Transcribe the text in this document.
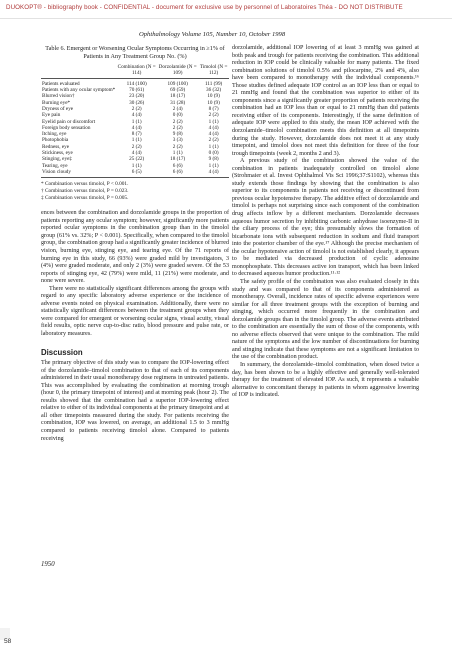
DUOKOPT® - bibliography book - CONFIDENTIAL - document for exclusive use by personnel of Laboratoires Théa - DO NOT DISTRIBUTE
Ophthalmology Volume 105, Number 10, October 1998
Table 6. Emergent or Worsening Ocular Symptoms Occurring in ≥1% of Patients in Any Treatment Group No. (%)
	Combination (N = 114)	Dorzolamide (N = 109)	Timolol (N = 112)
Patients evaluated	114 (100)	109 (100)	111 (99)
Patients with any ocular symptom*	70 (61)	69 (59)	36 (32)
Blurred vision†	23 (20)	18 (17)	10 (9)
Burning eye*	30 (26)	31 (28)	10 (9)
Dryness of eye	2 (2)	2 (4)	8 (7)
Eye pain	4 (4)	0 (0)	2 (2)
Eyelid pain or discomfort	1 (1)	2 (2)	1 (1)
Foreign body sensation	4 (4)	2 (2)	4 (4)
Itching, eye	8 (7)	9 (8)	4 (4)
Photophobia	1 (1)	3 (3)	2 (2)
Redness, eye	2 (2)	2 (2)	1 (1)
Stickiness, eye	4 (4)	1 (1)	0 (0)
Stinging, eye‡	25 (22)	18 (17)	9 (8)
Tearing, eye	1 (1)	6 (6)	1 (1)
Vision cloudy	6 (5)	6 (6)	4 (4)
* Combination versus timolol, P < 0.001.
† Combination versus timolol, P = 0.023.
‡ Combination versus timolol, P = 0.005.

ences between the combination and dorzolamide groups in the proportion of patients reporting any ocular symptom; however, significantly more patients reported ocular symptoms in the combination group than in the timolol group (61% vs. 32%; P < 0.001). Specifically, when compared to the timolol group, the combination group had a significantly greater incidence of blurred vision, burning eye, stinging eye, and tearing eye. Of the 71 reports of burning eye in this study, 66 (93%) were graded mild by investigators, 3 (4%) were graded moderate, and only 2 (3%) were graded severe. Of the 53 reports of stinging eye, 42 (79%) were mild, 11 (21%) were moderate, and none were severe.

There were no statistically significant differences among the groups with regard to any specific laboratory adverse experience or the incidence of adverse events noted on physical examination. Additionally, there were no statistically significant differences between the treatment groups when they were compared for emergent or worsening ocular signs, visual acuity, visual field results, optic nerve cup-to-disc ratio, blood pressure and pulse rate, or laboratory measures.

Discussion

The primary objective of this study was to compare the IOP-lowering effect of the dorzolamide–timolol combination to that of each of its components administered in their usual monotherapy dose regimens in untreated patients. This was accomplished by evaluating the combination at morning trough (hour 0, the primary timepoint of interest) and at morning peak (hour 2). The results showed that the combination had a superior IOP-lowering effect relative to either of its individual components at the primary timepoint and at all other timepoints measured during the study. For patients receiving the combination, IOP was lowered, on average, an additional 1.5 to 3 mmHg compared to patients receiving timolol alone. Compared to patients receiving

dorzolamide, additional IOP lowering of at least 3 mmHg was gained at both peak and trough for patients receiving the combination. This additional reduction in IOP could be clinically valuable for many patients. The fixed combination solutions of timolol 0.5% and pilocarpine, 2% and 4%, also have been compared to monotherapy with the individual components.¹⁶ Those studies defined adequate IOP control as an IOP less than or equal to 21 mmHg and found that the combination was superior to either of its components since a significantly greater proportion of patients receiving the combination had an IOP less than or equal to 21 mmHg than did patients receiving either of its components. Interestingly, if the same definition of adequate IOP were applied to this study, the mean IOP achieved with the dorzolamide–timolol combination meets this definition at all timepoints during the study. However, dorzolamide does not meet it at any study timepoint, and timolol does not meet this definition for three of the four trough timepoints (week 2, months 2 and 3).

A previous study of the combination showed the value of the combination in patients inadequately controlled on timolol alone (Strohmaier et al. Invest Ophthalmol Vis Sci 1996;37:S1102), whereas this study extends those findings by showing that the combination is also superior to its components in patients not receiving or discontinued from previous ocular hypotensive therapy. The additive effect of dorzolamide and timolol is perhaps not surprising since each component of the combination drug affects inflow by a different mechanism. Dorzolamide decreases aqueous humor secretion by inhibiting carbonic anhydrase isoenzyme-II in the ciliary process of the eye; this presumably slows the formation of bicarbonate ions with subsequent reduction in sodium and fluid transport into the posterior chamber of the eye.¹⁷ Although the precise mechanism of the ocular hypotensive action of timolol is not established clearly, it appears to be mediated via decreased production of cyclic adenosine monophosphate. This decreases active ion transport, which has been linked to decreased aqueous humor production.¹¹·¹²

The safety profile of the combination was also evaluated closely in this study and was compared to that of its components administered as monotherapy. Overall, incidence rates of specific adverse experiences were similar for all three treatment groups with the exception of burning and stinging, which occurred more frequently in the combination and dorzolamide groups than in the timolol group. The adverse events attributed to the combination are essentially the sum of those of the components, with no adverse effects observed that were unique to the combination. The mild nature of the symptoms and the low number of discontinuations for burning and stinging indicate that these symptoms are not a significant limitation to the use of the combination product.

In summary, the dorzolamide–timolol combination, when dosed twice a day, has been shown to be a highly effective and generally well-tolerated therapy for the treatment of elevated IOP. As such, it represents a valuable alternative to concomitant therapy in patients in whom aggressive lowering of IOP is indicated.

1950
58
